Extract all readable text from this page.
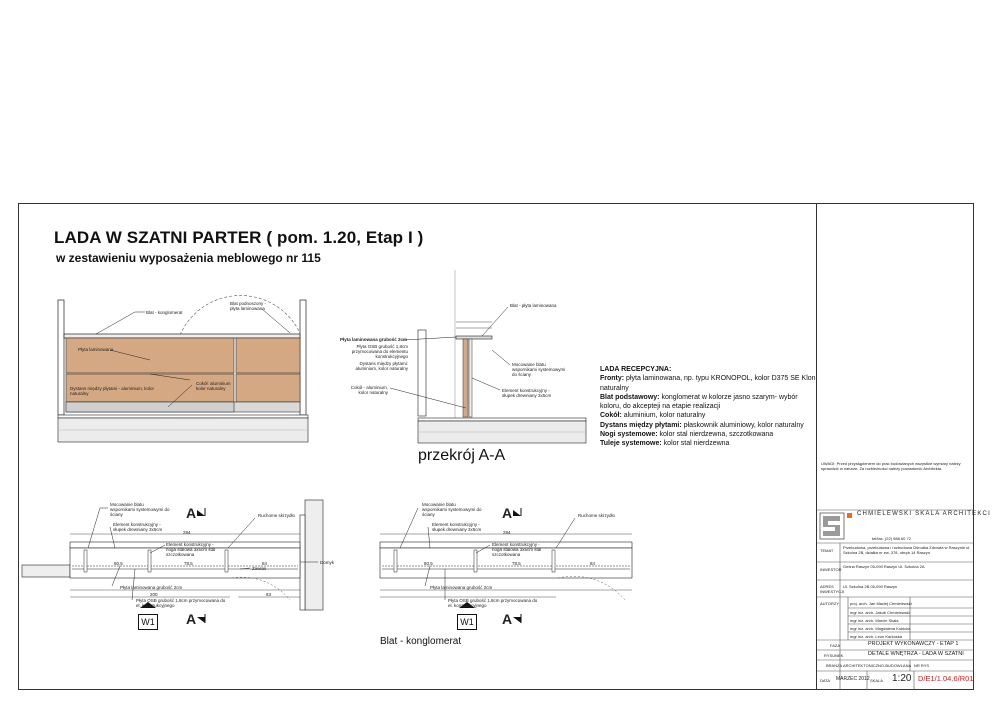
LADA W SZATNI PARTER ( pom. 1.20, Etap I )
w zestawieniu wyposażenia meblowego nr 115
Blat - konglomerat
Blat podnoszony - płyta laminowana
Płyta laminowana
Dystans między płytami - aluminium, kolor naturalny
Cokół: aluminium kolor naturalny
Blat - płyta laminowana
Płyta laminowana grubość 2cm
Płyta OSB grubość 1,8cm przymocowana do elementu konstrukcyjnego
Dystans między płytami: aluminium, kolor naturalny
Cokół - aluminium, kolor naturalny
Mocowanie blatu wspornikami systemowymi do ściany
Element konstrukcyjny - słupek drewniany 3x5cm
przekrój A-A
LADA RECEPCYJNA:
Fronty: płyta laminowana, np. typu KRONOPOL, kolor D375 SE Klon naturalny
Blat podstawowy: konglomerat w kolorze jasno szarym- wybór koloru, do akcepteji na etapie realizacji
Cokół: aluminium, kolor naturalny
Dystans między płytami: płaskownik aluminiowy, kolor naturalny
Nogi systemowe: kolor stal nierdzewna, szczotkowana
Tuleje systemowe: kolor stal nierdzewna
Mocowanie blatu wspornikami systemowymi do ściany
Element konstrukcyjny - słupek drewniany 3x5cm
Element konstrukcyjny - noga stalowa 3x5cm stal szczotkowana
Ruchome skrzydło
Płyta laminowana grubość 2cm
Płyta OSB grubość 1,8cm przymocowana do el. konstrukcyjnego
Zawias
Domyk
Mocowanie blatu wspornikami systemowymi do ściany
Element konstrukcyjny - słupek drewniany 3x5cm
Element konstrukcyjny - noga stalowa 3x5cm stal szczotkowana
Ruchome skrzydło
Płyta laminowana grubość 2cm
Płyta OSB grubość 1,8cm przymocowana do el. konstrukcyjnego
284
80,5	78,5	84
200	83
284
80,5	78,5	84
A
A
A
A
W1	W1
Blat - konglomerat
UWAGI: Przed przystąpieniem do prac budowlanych wszystkie wymiary należy sprawdzić w naturze. Za rozbieżności należy powiadomić Architekta.
CHMIELEWSKI SKALA ARCHITEKCI
tel/fax. (22) 988 60 72
TEMAT
Przebudowa, przebudowa i rozbudowa Ośrodka Zdrowia w Raszynie ul. Szkolna 2B, działka nr ew. 378, obręb 14 Raszyn
INWESTOR
Gmina Raszyn 05-090 Raszyn Ul. Szkolna 2A
ADRES INWESTYCJI
Ul. Szkolna 2B 05-090 Raszyn
AUTORZY	proj. arch. Jan Maciej Chmielewski
mgr inż. arch. Jakub Chmielewski
mgr inż. arch. Marcin Skala
mgr inż. arch. Magdalena Kubicka
mgr inż. arch. Leon Karkoska
FAZA	PROJEKT WYKONAWCZY - ETAP 1
RYSUNEK	DETALE WNĘTRZA - LADA W SZATNI
BRANŻA ARCHITEKTONICZNO-BUDOWLANA NR RYS
DATA MARZEC 2012 SKALA 1:20 D/E1/1.04.6/R01
